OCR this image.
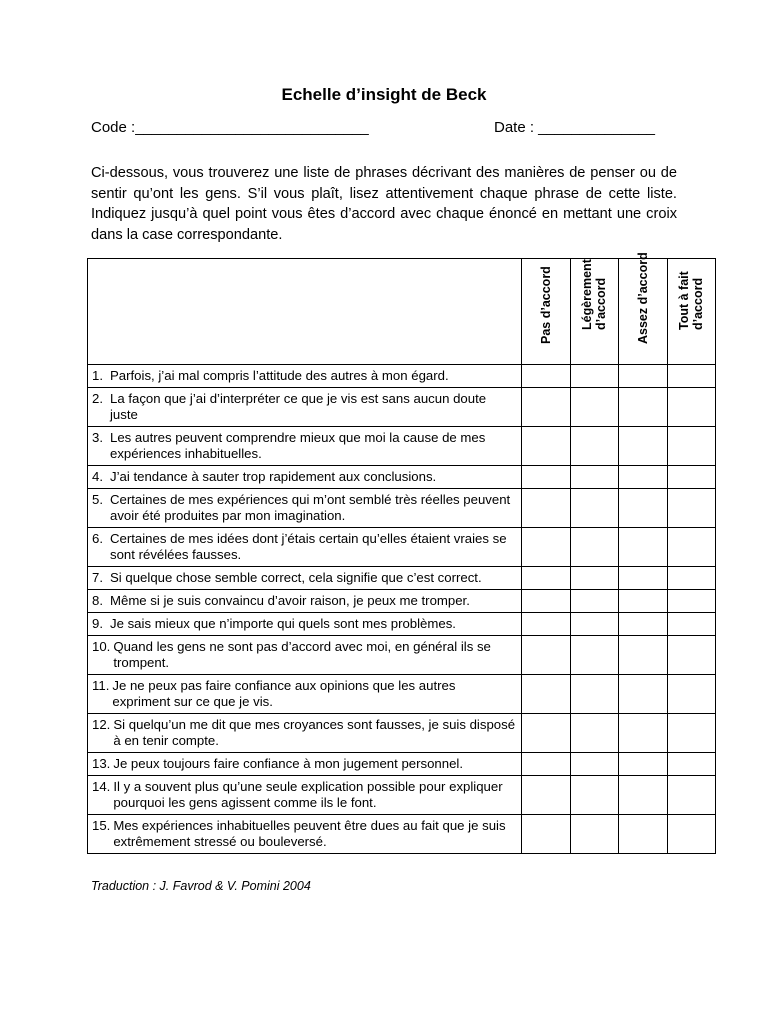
Echelle d’insight de Beck
Code :____________________________	Date : ______________

Ci-dessous, vous trouverez une liste de phrases décrivant des manières de penser ou de sentir qu’ont les gens. S’il vous plaît, lisez attentivement chaque phrase de cette liste. Indiquez jusqu’à quel point vous êtes d’accord avec chaque énoncé en mettant une croix dans la case correspondante.

	Pas d’accord	Légèrement
d’accord	Assez d’accord	Tout à fait
d’accord

1. Parfois, j’ai mal compris l’attitude des autres à mon égard.				

2. La façon que j’ai d’interpréter ce que je vis est sans aucun doute juste				

3. Les autres peuvent comprendre mieux que moi la cause de mes expériences inhabituelles.				

4. J’ai tendance à sauter trop rapidement aux conclusions.				

5. Certaines de mes expériences qui m’ont semblé très réelles peuvent avoir été produites par mon imagination.				

6. Certaines de mes idées dont j’étais certain qu’elles étaient vraies se sont révélées fausses.				

7. Si quelque chose semble correct, cela signifie que c’est correct.				

8. Même si je suis convaincu d’avoir raison, je peux me tromper.				

9. Je sais mieux que n’importe qui quels sont mes problèmes.				

10. Quand les gens ne sont pas d’accord avec moi, en général ils se trompent.				

11. Je ne peux pas faire confiance aux opinions que les autres expriment sur ce que je vis.				

12. Si quelqu’un me dit que mes croyances sont fausses, je suis disposé à en tenir compte.				

13. Je peux toujours faire confiance à mon jugement personnel.				

14. Il y a souvent plus qu’une seule explication possible pour expliquer pourquoi les gens agissent comme ils le font.				

15. Mes expériences inhabituelles peuvent être dues au fait que je suis extrêmement stressé ou bouleversé.				

Traduction : J. Favrod & V. Pomini 2004
